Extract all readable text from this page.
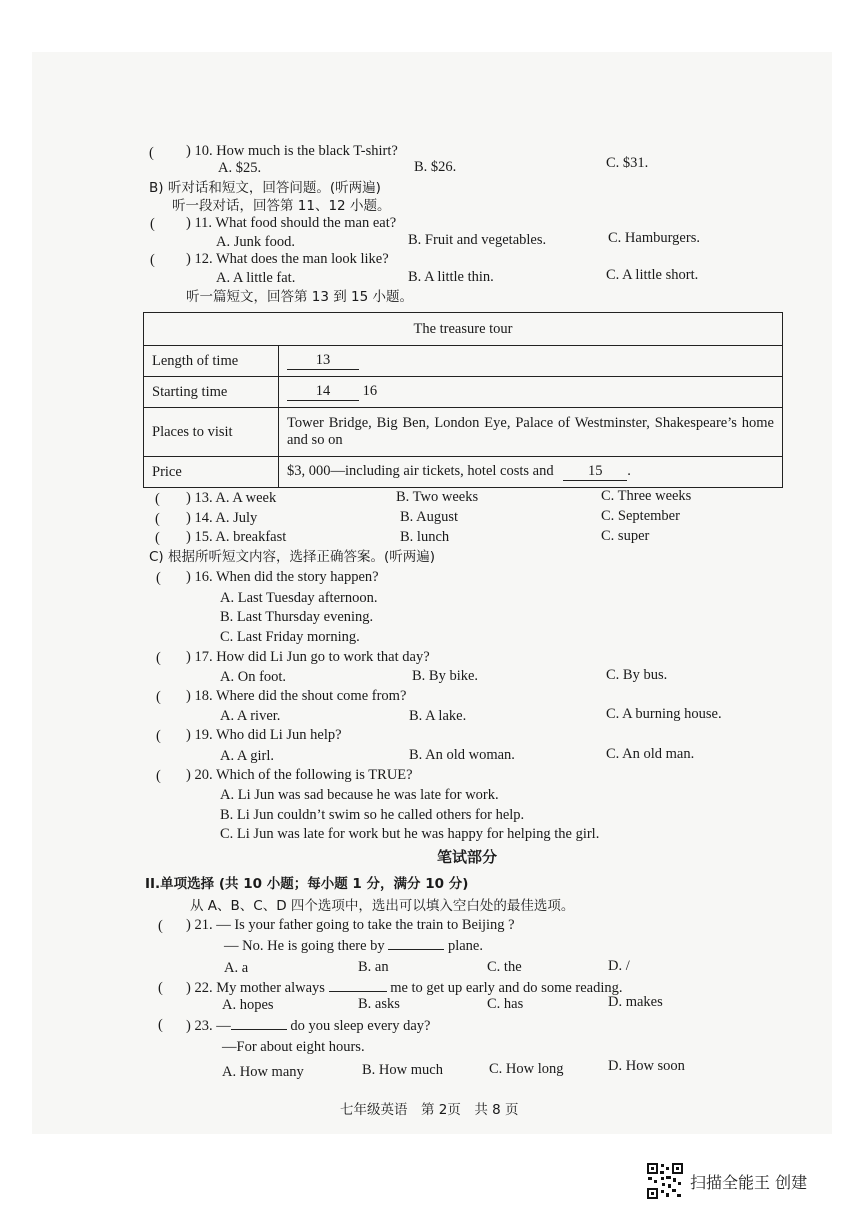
( ) 10. How much is the black T-shirt?
A. $25.	B. $26.	C. $31.
B) 听对话和短文，回答问题。(听两遍)
听一段对话，回答第 11、12 小题。
( ) 11. What food should the man eat?
A. Junk food.	B. Fruit and vegetables.	C. Hamburgers.
( ) 12. What does the man look like?
A. A little fat.	B. A little thin.	C. A little short.
听一篇短文，回答第 13 到 15 小题。
The treasure tour	
Length of time	13
Starting time	14 16
Places to visit	Tower Bridge, Big Ben, London Eye, Palace of Westminster, Shakespeare’s home and so on
Price	$3, 000—including air tickets, hotel costs and 15 .
( ) 13. A. A week	B. Two weeks	C. Three weeks
( ) 14. A. July	B. August	C. September
( ) 15. A. breakfast	B. lunch	C. super
C) 根据所听短文内容，选择正确答案。(听两遍)
( ) 16. When did the story happen?
A. Last Tuesday afternoon.
B. Last Thursday evening.
C. Last Friday morning.
( ) 17. How did Li Jun go to work that day?
A. On foot.	B. By bike.	C. By bus.
( ) 18. Where did the shout come from?
A. A river.	B. A lake.	C. A burning house.
( ) 19. Who did Li Jun help?
A. A girl.	B. An old woman.	C. An old man.
( ) 20. Which of the following is TRUE?
A. Li Jun was sad because he was late for work.
B. Li Jun couldn’t swim so he called others for help.
C. Li Jun was late for work but he was happy for helping the girl.
笔试部分
II.单项选择 (共 10 小题；每小题 1 分，满分 10 分)
从 A、B、C、D 四个选项中，选出可以填入空白处的最佳选项。
( ) 21. — Is your father going to take the train to Beijing ?
— No. He is going there by	plane.
A. a	B. an	C. the	D. /
( ) 22. My mother always	me to get up early and do some reading.
A. hopes	B. asks	C. has	D. makes
( ) 23. —	do you sleep every day?
—For about eight hours.
A. How many	B. How much	C. How long	D. How soon
七年级英语　第 2页　共 8 页
扫描全能王 创建
